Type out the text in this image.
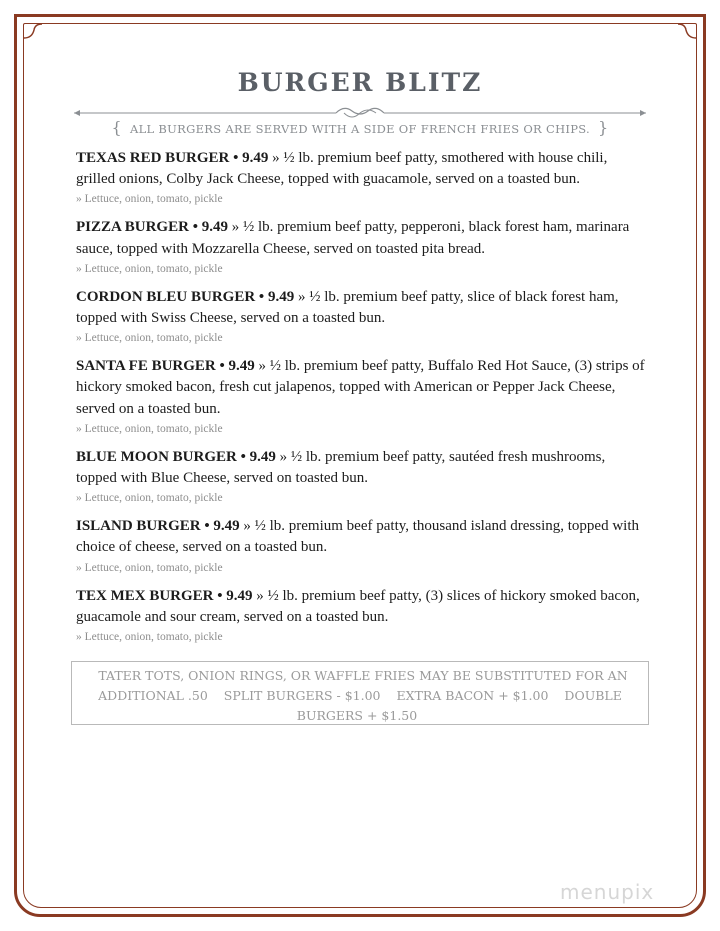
BURGER BLITZ
{ ALL BURGERS ARE SERVED WITH A SIDE OF FRENCH FRIES OR CHIPS. }
TEXAS RED BURGER • 9.49 » ½ lb. premium beef patty, smothered with house chili, grilled onions, Colby Jack Cheese, topped with guacamole, served on a toasted bun.
» Lettuce, onion, tomato, pickle
PIZZA BURGER • 9.49 » ½ lb. premium beef patty, pepperoni, black forest ham, marinara sauce, topped with Mozzarella Cheese, served on toasted pita bread.
» Lettuce, onion, tomato, pickle
CORDON BLEU BURGER • 9.49 » ½ lb. premium beef patty, slice of black forest ham, topped with Swiss Cheese, served on a toasted bun.
» Lettuce, onion, tomato, pickle
SANTA FE BURGER • 9.49 » ½ lb. premium beef patty, Buffalo Red Hot Sauce, (3) strips of hickory smoked bacon, fresh cut jalapenos, topped with American or Pepper Jack Cheese, served on a toasted bun.
» Lettuce, onion, tomato, pickle
BLUE MOON BURGER • 9.49 » ½ lb. premium beef patty, sautéed fresh mushrooms, topped with Blue Cheese, served on toasted bun.
» Lettuce, onion, tomato, pickle
ISLAND BURGER • 9.49 » ½ lb. premium beef patty, thousand island dressing, topped with choice of cheese, served on a toasted bun.
» Lettuce, onion, tomato, pickle
TEX MEX BURGER • 9.49 » ½ lb. premium beef patty, (3) slices of hickory smoked bacon, guacamole and sour cream, served on a toasted bun.
» Lettuce, onion, tomato, pickle
TATER TOTS, ONION RINGS, OR WAFFLE FRIES MAY BE SUBSTITUTED FOR AN ADDITIONAL .50 SPLIT BURGERS - $1.00 EXTRA BACON + $1.00 DOUBLE BURGERS + $1.50
menupix
